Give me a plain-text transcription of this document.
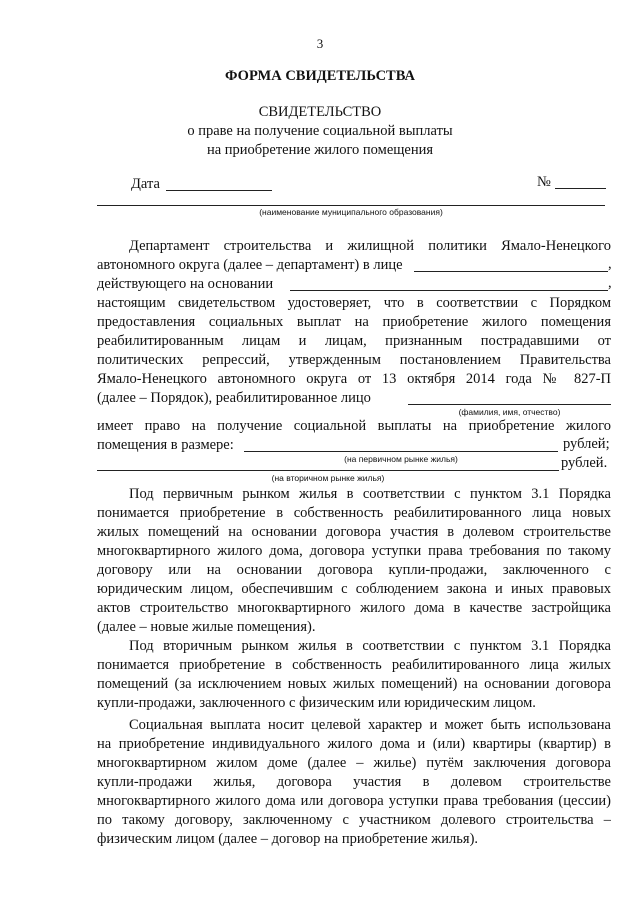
3
ФОРМА СВИДЕТЕЛЬСТВА
СВИДЕТЕЛЬСТВО
о праве на получение социальной выплаты
на приобретение жилого помещения
Дата	№
(наименование муниципального образования)
Департамент строительства и жилищной политики Ямало-Ненецкого
автономного округа (далее – департамент) в лице	,
действующего на основании	,
настоящим свидетельством удостоверяет, что в соответствии с Порядком
предоставления социальных выплат на приобретение жилого помещения
реабилитированным лицам и лицам, признанным пострадавшими от
политических репрессий, утвержденным постановлением Правительства
Ямало-Ненецкого автономного округа от 13 октября 2014 года № 827-П
(далее – Порядок), реабилитированное лицо
(фамилия, имя, отчество)
имеет право на получение социальной выплаты на приобретение жилого
помещения в размере:	рублей;
(на первичном рынке жилья)	рублей.
(на вторичном рынке жилья)
Под первичным рынком жилья в соответствии с пунктом 3.1 Порядка
понимается приобретение в собственность реабилитированного лица новых
жилых помещений на основании договора участия в долевом строительстве
многоквартирного жилого дома, договора уступки права требования по такому
договору или на основании договора купли-продажи, заключенного с
юридическим лицом, обеспечившим с соблюдением закона и иных правовых
актов строительство многоквартирного жилого дома в качестве застройщика
(далее – новые жилые помещения).
Под вторичным рынком жилья в соответствии с пунктом 3.1 Порядка
понимается приобретение в собственность реабилитированного лица жилых
помещений (за исключением новых жилых помещений) на основании договора
купли-продажи, заключенного с физическим или юридическим лицом.
Социальная выплата носит целевой характер и может быть использована
на приобретение индивидуального жилого дома и (или) квартиры (квартир) в
многоквартирном жилом доме (далее – жилье) путём заключения договора
купли-продажи жилья, договора участия в долевом строительстве
многоквартирного жилого дома или договора уступки права требования (цессии)
по такому договору, заключенному с участником долевого строительства –
физическим лицом (далее – договор на приобретение жилья).
